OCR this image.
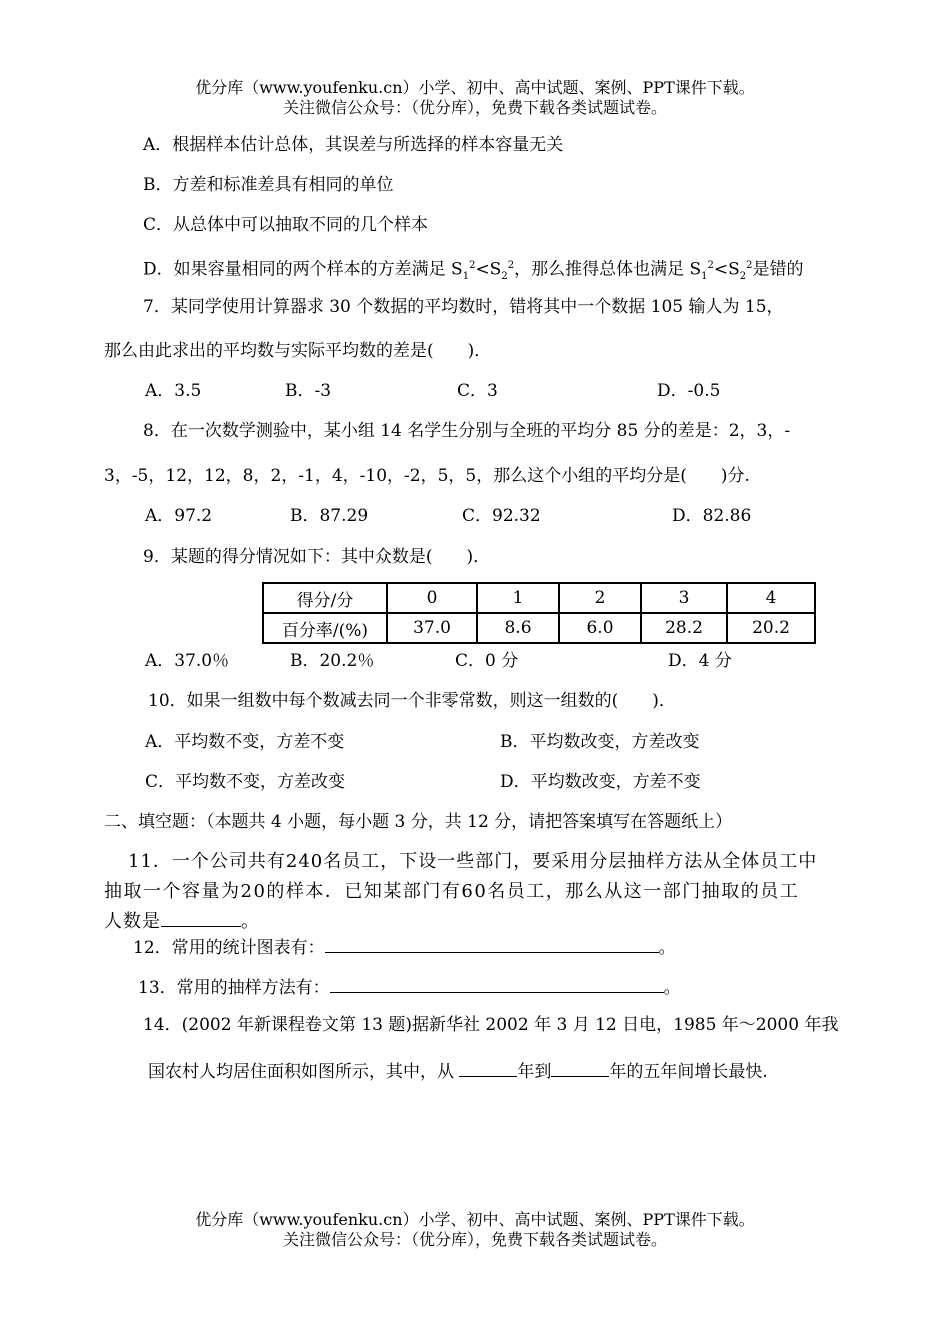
优分库（www.youfenku.cn）小学、初中、高中试题、案例、PPT课件下载。
关注微信公众号：（优分库），免费下载各类试题试卷。
A．根据样本估计总体，其误差与所选择的样本容量无关
B．方差和标准差具有相同的单位
C．从总体中可以抽取不同的几个样本
D．如果容量相同的两个样本的方差满足 $S_1^2<S_2^2$，那么推得总体也满足 $S_1^2<S_2^2$是错的
7．某同学使用计算器求 30 个数据的平均数时，错将其中一个数据 105 输人为 15，
那么由此求出的平均数与实际平均数的差是(　　)．
A．3.5	B．-3	C．3	D．-0.5
8．在一次数学测验中，某小组 14 名学生分别与全班的平均分 85 分的差是：2，3，-
3，-5，12，12，8，2，-1，4，-10，-2，5，5，那么这个小组的平均分是(　　)分.
A．97.2	B．87.29	C．92.32	D．82.86
9．某题的得分情况如下：其中众数是(　　)．
得分/分	0	1	2	3	4
百分率/(%)	37.0	8.6	6.0	28.2	20.2
A．37.0％	B．20.2％	C．0 分	D．4 分
10．如果一组数中每个数减去同一个非零常数，则这一组数的(　　)．
A．平均数不变，方差不变	B．平均数改变，方差改变
C．平均数不变，方差改变	D．平均数改变，方差不变
二、填空题：（本题共 4 小题，每小题 3 分，共 12 分，请把答案填写在答题纸上）
11．一个公司共有240名员工，下设一些部门，要采用分层抽样方法从全体员工中
抽取一个容量为20的样本．已知某部门有60名员工，那么从这一部门抽取的员工
人数是	。
12．常用的统计图表有：	。
13．常用的抽样方法有：	。
14．(2002 年新课程卷文第 13 题)据新华社 2002 年 3 月 12 日电，1985 年～2000 年我
国农村人均居住面积如图所示，其中，从	年到	年的五年间增长最快.
优分库（www.youfenku.cn）小学、初中、高中试题、案例、PPT课件下载。
关注微信公众号：（优分库），免费下载各类试题试卷。
